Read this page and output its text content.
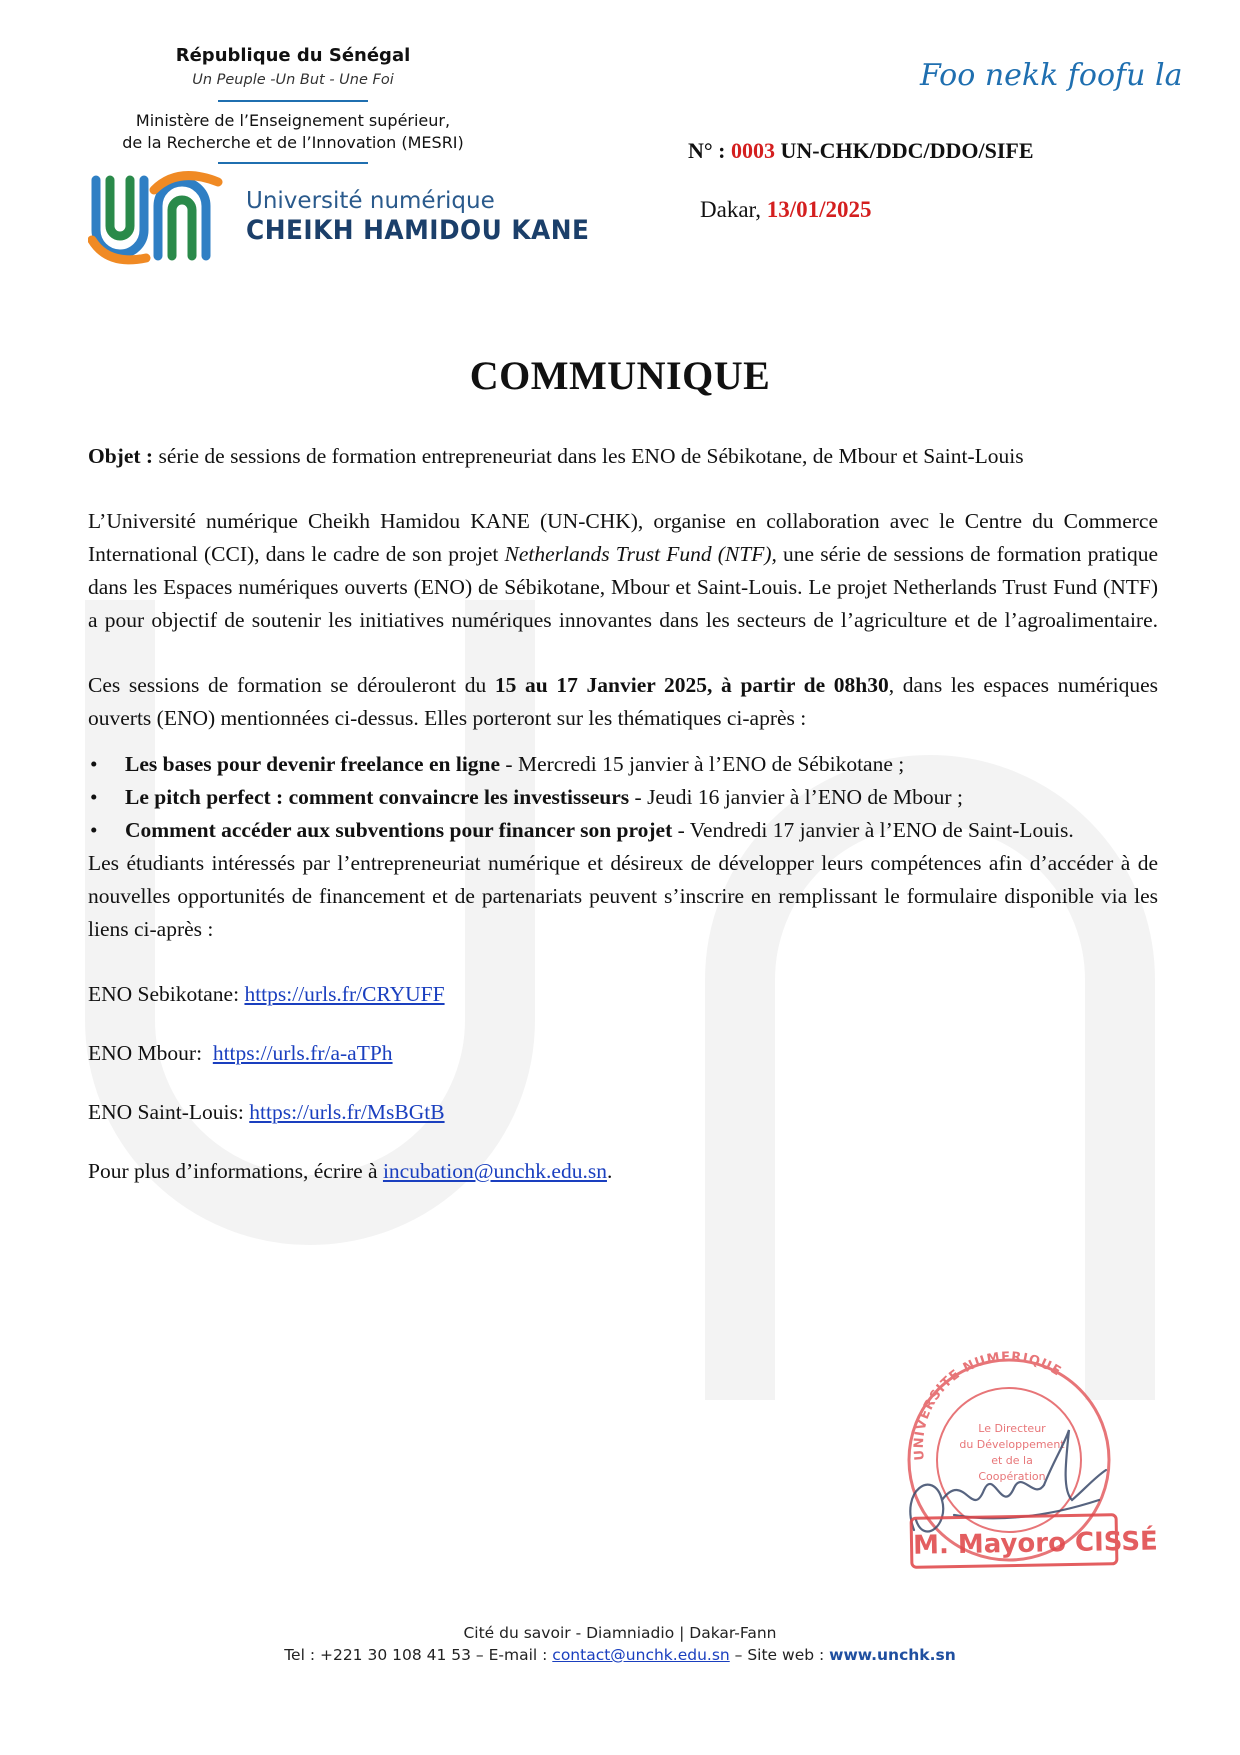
République du Sénégal
Un Peuple -Un But - Une Foi
Ministère de l’Enseignement supérieur,
de la Recherche et de l’Innovation (MESRI)
Université numérique
CHEIKH HAMIDOU KANE
Foo nekk foofu la
N° : 0003 UN-CHK/DDC/DDO/SIFE
Dakar, 13/01/2025
COMMUNIQUE

Objet : série de sessions de formation entrepreneuriat dans les ENO de Sébikotane, de Mbour et Saint-Louis

L’Université numérique Cheikh Hamidou KANE (UN-CHK), organise en collaboration avec le Centre du Commerce International (CCI), dans le cadre de son projet Netherlands Trust Fund (NTF), une série de sessions de formation pratique dans les Espaces numériques ouverts (ENO) de Sébikotane, Mbour et Saint-Louis. Le projet Netherlands Trust Fund (NTF) a pour objectif de soutenir les initiatives numériques innovantes dans les secteurs de l’agriculture et de l’agroalimentaire.

Ces sessions de formation se dérouleront du 15 au 17 Janvier 2025, à partir de 08h30, dans les espaces numériques ouverts (ENO) mentionnées ci-dessus. Elles porteront sur les thématiques ci-après :

• Les bases pour devenir freelance en ligne - Mercredi 15 janvier à l’ENO de Sébikotane ;
• Le pitch perfect : comment convaincre les investisseurs - Jeudi 16 janvier à l’ENO de Mbour ;
• Comment accéder aux subventions pour financer son projet - Vendredi 17 janvier à l’ENO de Saint-Louis.

Les étudiants intéressés par l’entrepreneuriat numérique et désireux de développer leurs compétences afin d’accéder à de nouvelles opportunités de financement et de partenariats peuvent s’inscrire en remplissant le formulaire disponible via les liens ci-après :

ENO Sebikotane: https://urls.fr/CRYUFF

ENO Mbour:  https://urls.fr/a-aTPh

ENO Saint-Louis: https://urls.fr/MsBGtB

Pour plus d’informations, écrire à incubation@unchk.edu.sn.

UNIVERSITE NUMERIQUE
Le Directeur
du Développement
et de la
Coopération
M. Mayoro CISSÉ
Cité du savoir - Diamniadio | Dakar-Fann
Tel : +221 30 108 41 53 – E-mail : contact@unchk.edu.sn – Site web : www.unchk.sn
